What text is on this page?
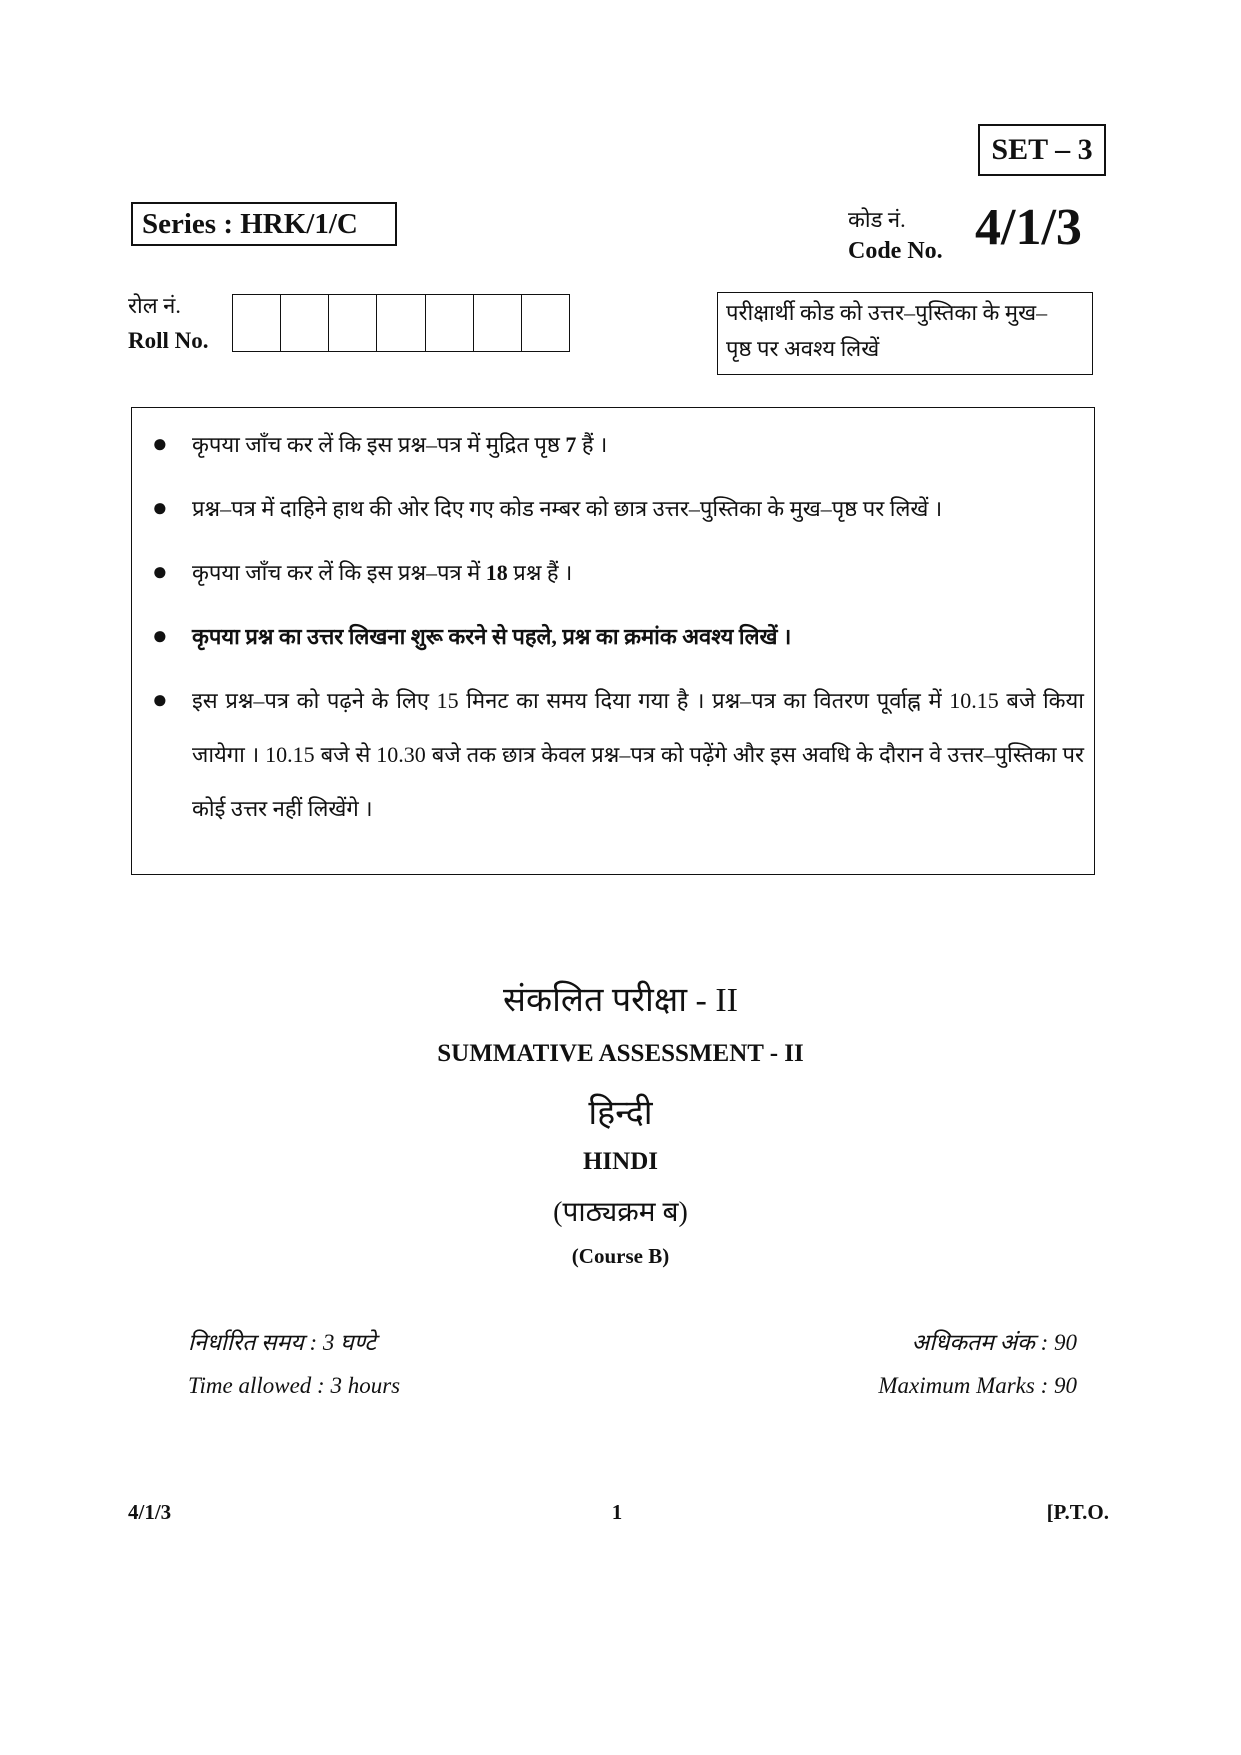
SET – 3
Series : HRK/1/C	कोड नं.
Code No. 4/1/3
रोल नं.
Roll No.
परीक्षार्थी कोड को उत्तर–पुस्तिका के मुख–
पृष्ठ पर अवश्य लिखें
● कृपया जाँच कर लें कि इस प्रश्न–पत्र में मुद्रित पृष्ठ 7 हैं ।
● प्रश्न–पत्र में दाहिने हाथ की ओर दिए गए कोड नम्बर को छात्र उत्तर–पुस्तिका के मुख–पृष्ठ पर लिखें ।
● कृपया जाँच कर लें कि इस प्रश्न–पत्र में 18 प्रश्न हैं ।
● कृपया प्रश्न का उत्तर लिखना शुरू करने से पहले, प्रश्न का क्रमांक अवश्य लिखें ।
● इस प्रश्न–पत्र को पढ़ने के लिए 15 मिनट का समय दिया गया है । प्रश्न–पत्र का वितरण पूर्वाह्न में 10.15 बजे किया जायेगा । 10.15 बजे से 10.30 बजे तक छात्र केवल प्रश्न–पत्र को पढ़ेंगे और इस अवधि के दौरान वे उत्तर–पुस्तिका पर कोई उत्तर नहीं लिखेंगे ।
संकलित परीक्षा - II
SUMMATIVE ASSESSMENT - II
हिन्दी
HINDI
(पाठ्यक्रम ब)
(Course B)
निर्धारित समय : 3 घण्टे
Time allowed : 3 hours
अधिकतम अंक : 90
Maximum Marks : 90
4/1/3	1	[P.T.O.
